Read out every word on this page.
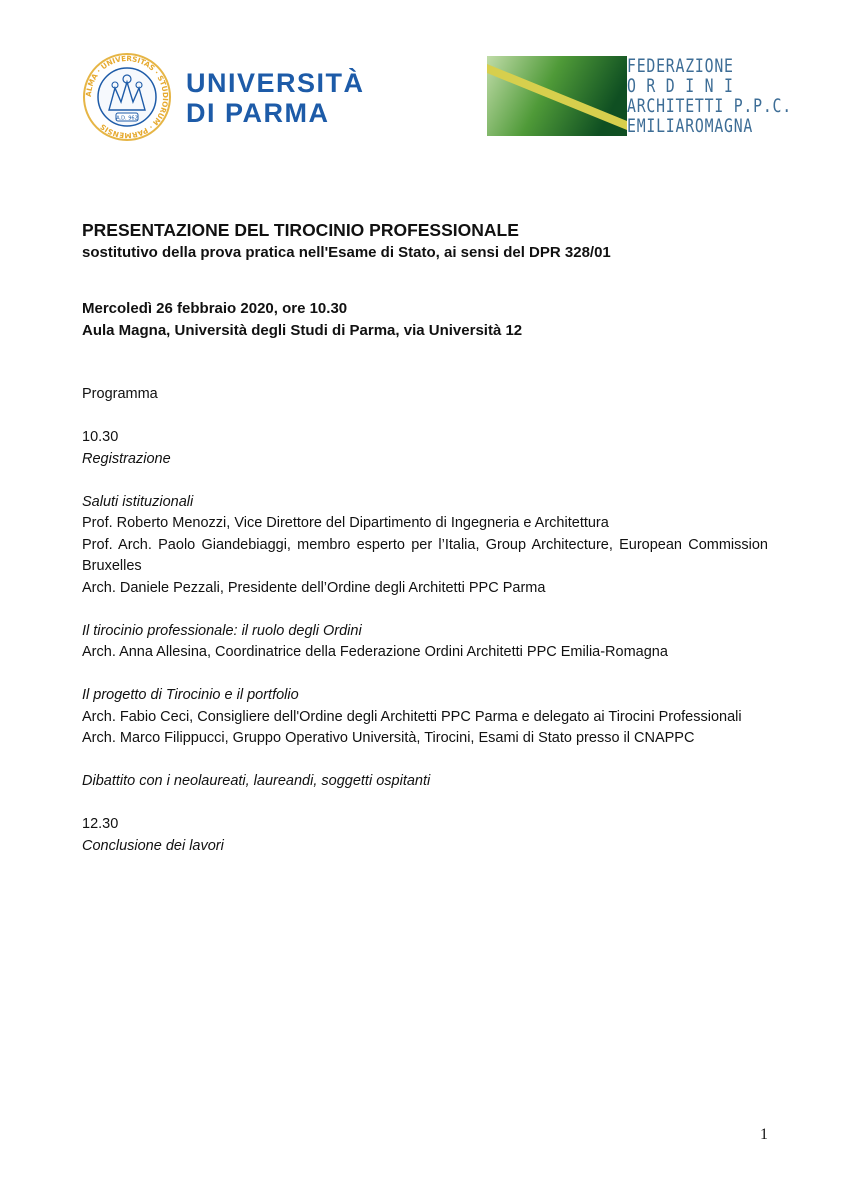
ALMA · UNIVERSITAS · STUDIORUM · PARMENSIS
A.D. 962
UNIVERSITÀ
DI PARMA
FEDERAZIONE
O R D I N I
ARCHITETTI P.P.C.
EMILIAROMAGNA
PRESENTAZIONE DEL TIROCINIO PROFESSIONALE

sostitutivo della prova pratica nell'Esame di Stato, ai sensi del DPR 328/01

Mercoledì 26 febbraio 2020, ore 10.30
Aula Magna, Università degli Studi di Parma, via Università 12

Programma

10.30

Registrazione

Saluti istituzionali

Prof. Roberto Menozzi, Vice Direttore del Dipartimento di Ingegneria e Architettura

Prof. Arch. Paolo Giandebiaggi, membro esperto per l’Italia, Group Architecture, European Commission Bruxelles

Arch. Daniele Pezzali, Presidente dell’Ordine degli Architetti PPC Parma

Il tirocinio professionale: il ruolo degli Ordini

Arch. Anna Allesina, Coordinatrice della Federazione Ordini Architetti PPC Emilia-Romagna

Il progetto di Tirocinio e il portfolio

Arch. Fabio Ceci, Consigliere dell'Ordine degli Architetti PPC Parma e delegato ai Tirocini Professionali

Arch. Marco Filippucci, Gruppo Operativo Università, Tirocini, Esami di Stato presso il CNAPPC

Dibattito con i neolaureati, laureandi, soggetti ospitanti

12.30

Conclusione dei lavori

1
